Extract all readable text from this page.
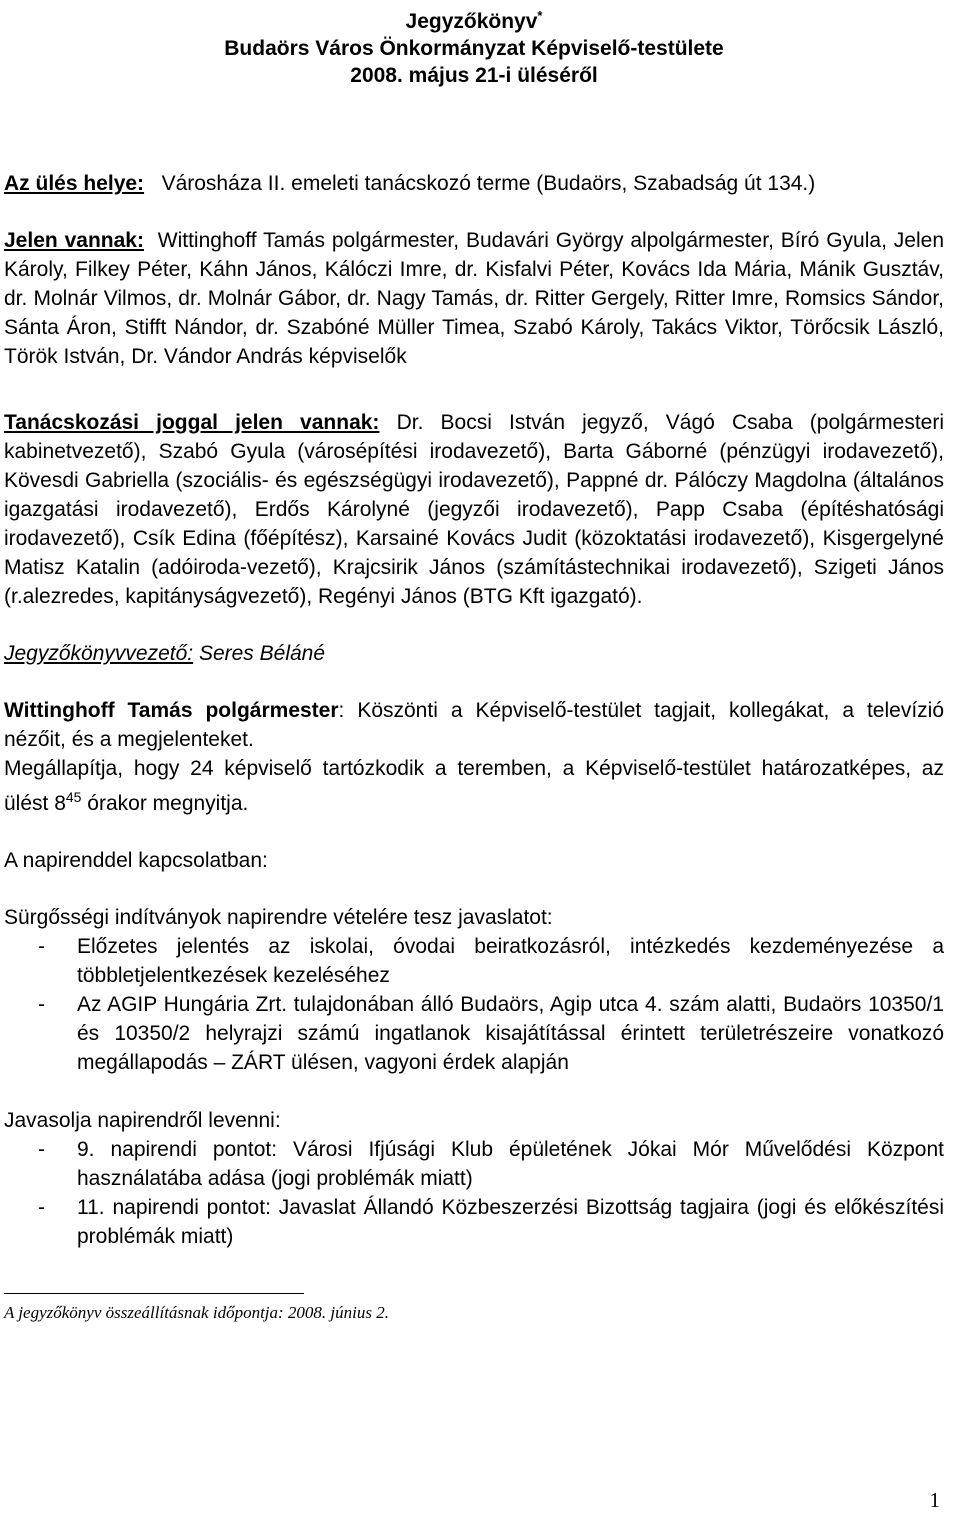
Jegyzőkönyv*
Budaörs Város Önkormányzat Képviselő-testülete
2008. május 21-i üléséről

Az ülés helye: Városháza II. emeleti tanácskozó terme (Budaörs, Szabadság út 134.)

Jelen vannak: Wittinghoff Tamás polgármester, Budavári György alpolgármester, Bíró Gyula, Jelen Károly, Filkey Péter, Káhn János, Kálóczi Imre, dr. Kisfalvi Péter, Kovács Ida Mária, Mánik Gusztáv, dr. Molnár Vilmos, dr. Molnár Gábor, dr. Nagy Tamás, dr. Ritter Gergely, Ritter Imre, Romsics Sándor, Sánta Áron, Stifft Nándor, dr. Szabóné Müller Timea, Szabó Károly, Takács Viktor, Törőcsik László, Török István, Dr. Vándor András képviselők

Tanácskozási joggal jelen vannak: Dr. Bocsi István jegyző, Vágó Csaba (polgármesteri kabinetvezető), Szabó Gyula (városépítési irodavezető), Barta Gáborné (pénzügyi irodavezető), Kövesdi Gabriella (szociális- és egészségügyi irodavezető), Pappné dr. Pálóczy Magdolna (általános igazgatási irodavezető), Erdős Károlyné (jegyzői irodavezető), Papp Csaba (építéshatósági irodavezető), Csík Edina (főépítész), Karsainé Kovács Judit (közoktatási irodavezető), Kisgergelyné Matisz Katalin (adóiroda-vezető), Krajcsirik János (számítástechnikai irodavezető), Szigeti János (r.alezredes, kapitányságvezető), Regényi János (BTG Kft igazgató).

Jegyzőkönyvvezető: Seres Béláné

Wittinghoff Tamás polgármester: Köszönti a Képviselő-testület tagjait, kollegákat, a televízió nézőit, és a megjelenteket.

Megállapítja, hogy 24 képviselő tartózkodik a teremben, a Képviselő-testület határozatképes, az ülést $8^{45}$ órakor megnyitja.

A napirenddel kapcsolatban:

Sürgősségi indítványok napirendre vételére tesz javaslatot:

- Előzetes jelentés az iskolai, óvodai beiratkozásról, intézkedés kezdeményezése a többletjelentkezések kezeléséhez
- Az AGIP Hungária Zrt. tulajdonában álló Budaörs, Agip utca 4. szám alatti, Budaörs 10350/1 és 10350/2 helyrajzi számú ingatlanok kisajátítással érintett területrészeire vonatkozó megállapodás – ZÁRT ülésen, vagyoni érdek alapján

Javasolja napirendről levenni:

- 9. napirendi pontot: Városi Ifjúsági Klub épületének Jókai Mór Művelődési Központ használatába adása (jogi problémák miatt)
- 11. napirendi pontot: Javaslat Állandó Közbeszerzési Bizottság tagjaira (jogi és előkészítési problémák miatt)
A jegyzőkönyv összeállításnak időpontja: 2008. június 2.
1
